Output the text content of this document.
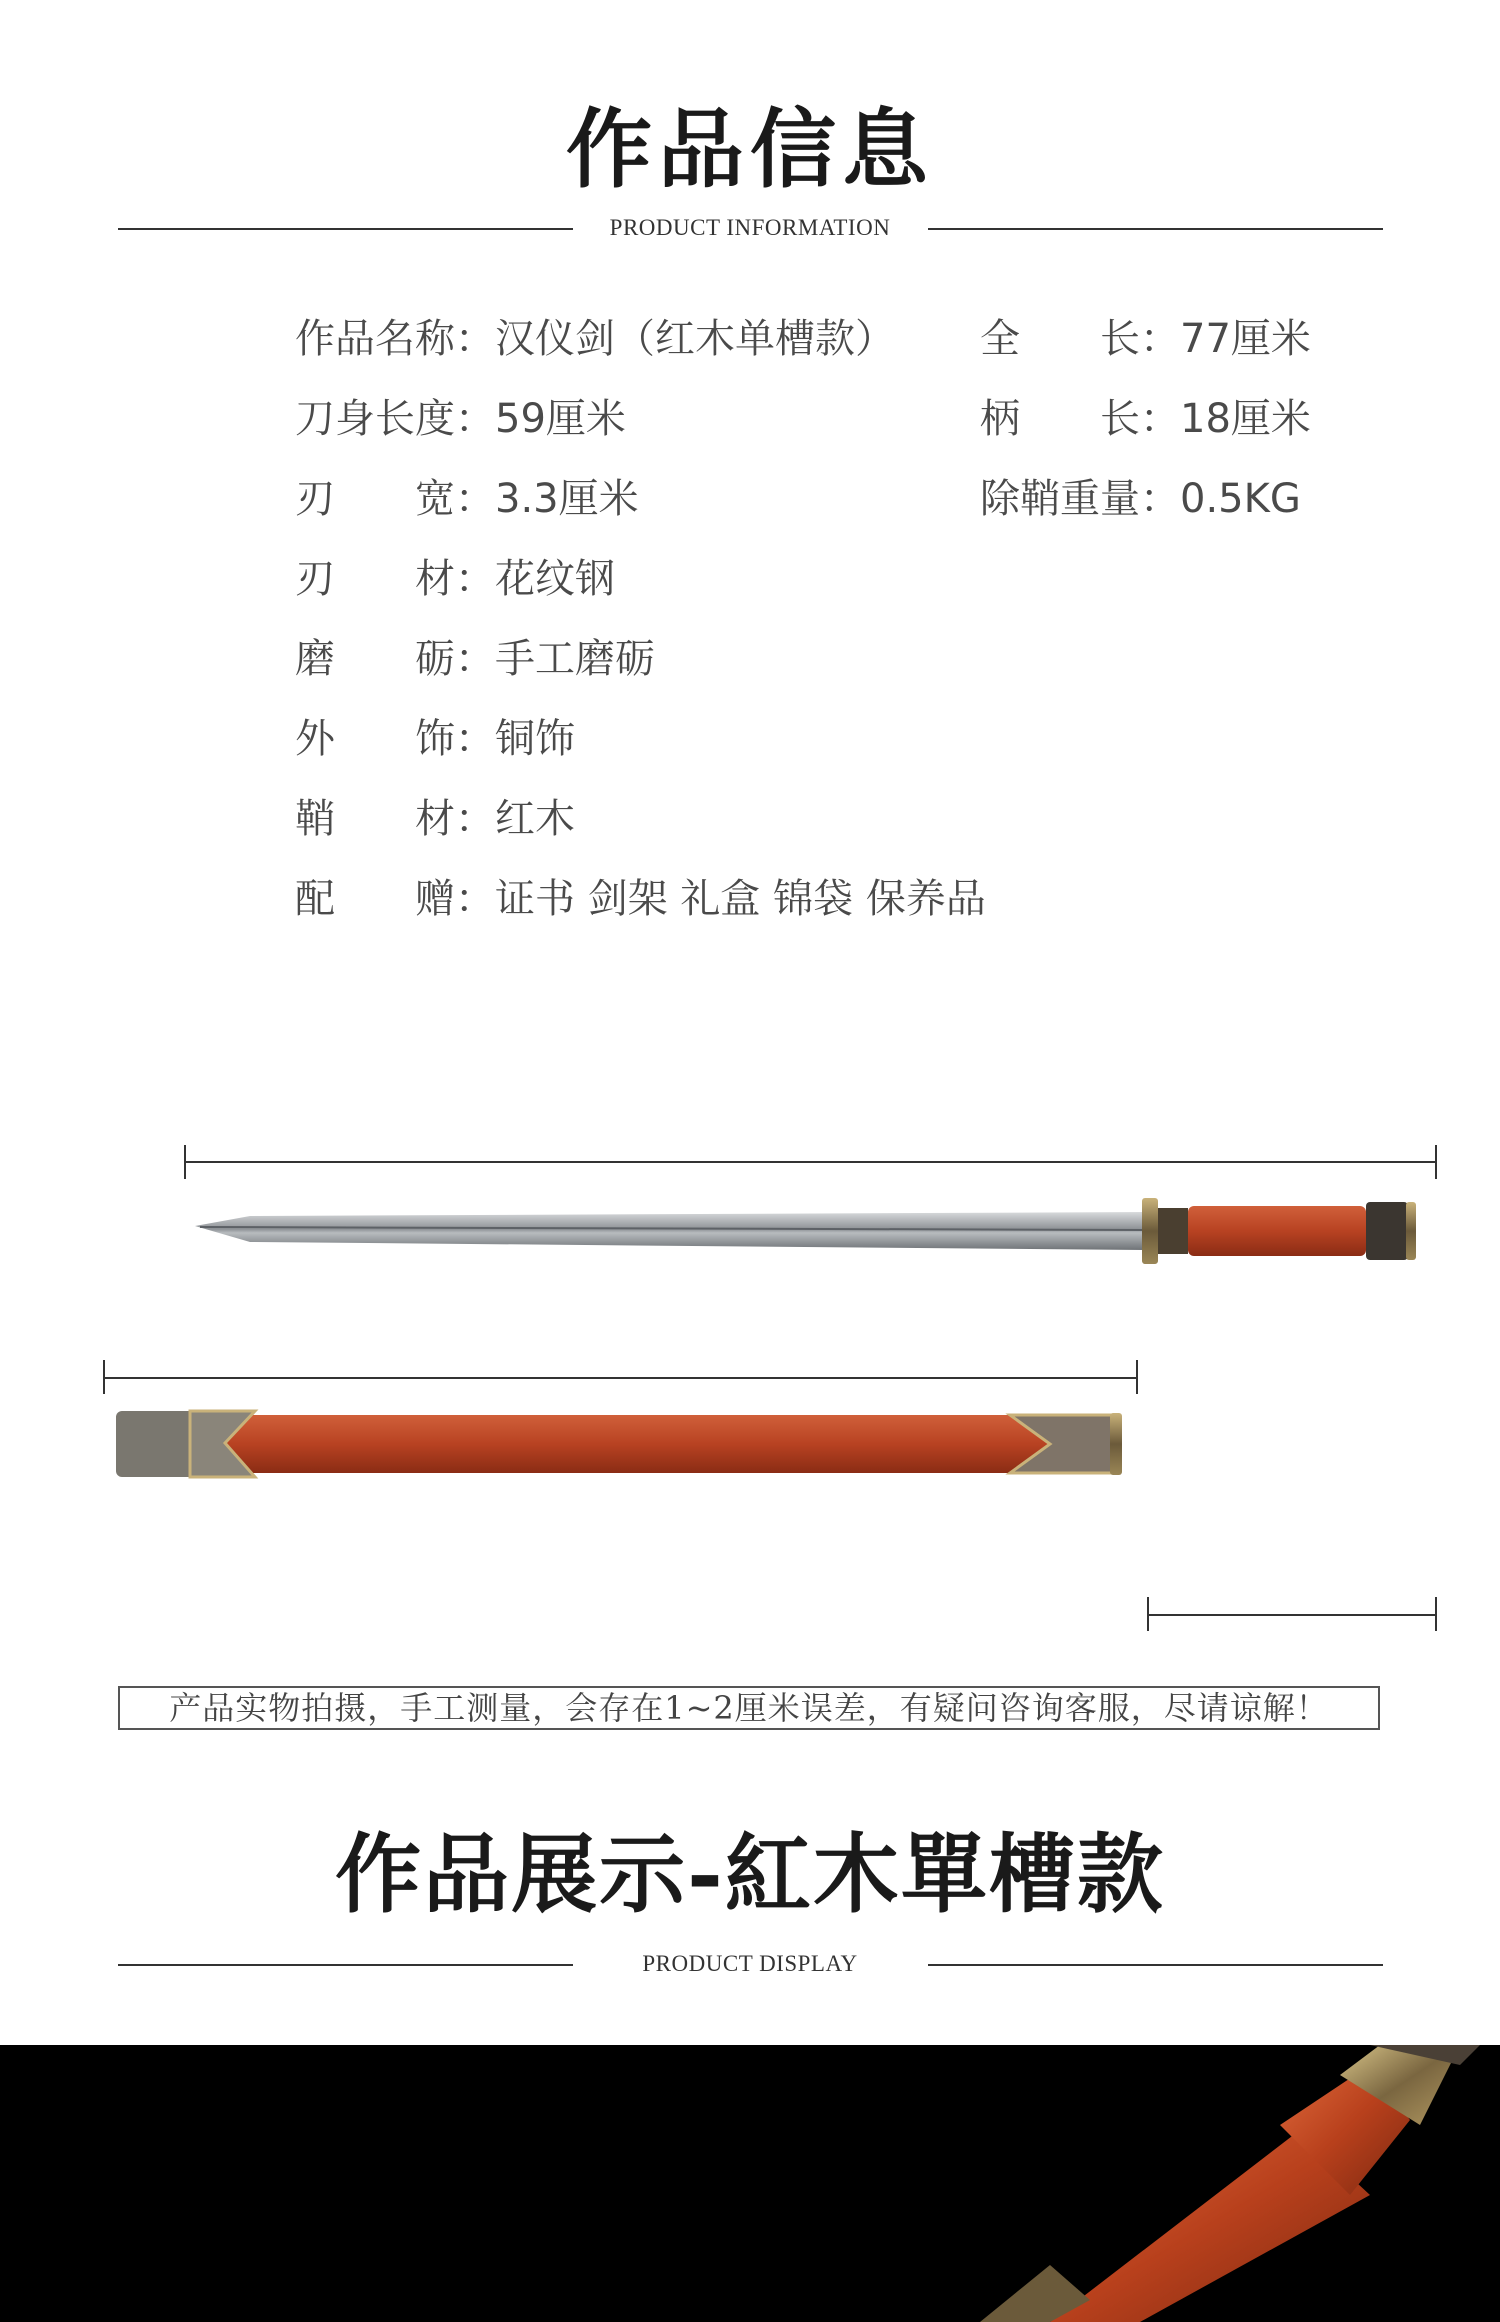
作品信息
PRODUCT INFORMATION
作品名称：汉仪剑（红木单槽款）
刀身长度：59厘米
刃　　宽：3.3厘米
刃　　材：花纹钢
磨　　砺：手工磨砺
外　　饰：铜饰
鞘　　材：红木
配　　赠：证书 剑架 礼盒 锦袋 保养品
全　　长：77厘米
柄　　长：18厘米
除鞘重量：0.5KG
产品实物拍摄，手工测量，会存在1~2厘米误差，有疑问咨询客服，尽请谅解！
作品展示-紅木單槽款
PRODUCT DISPLAY
